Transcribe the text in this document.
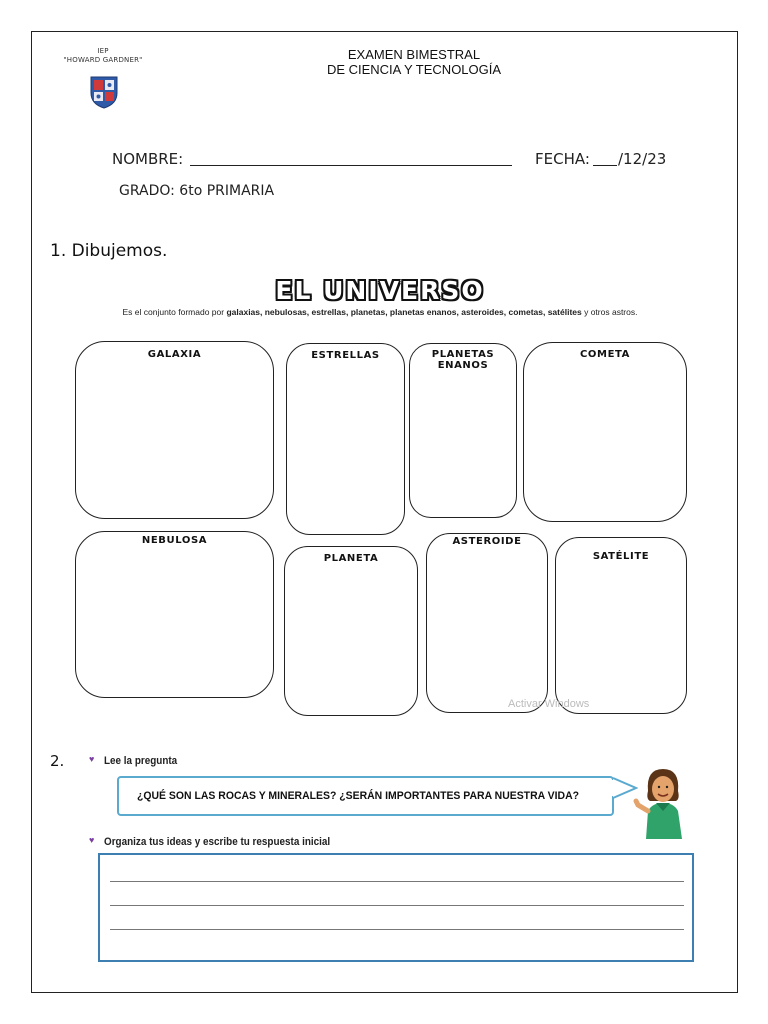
IEP
"HOWARD GARDNER"	EXAMEN BIMESTRAL
DE CIENCIA Y TECNOLOGÍA
NOMBRE:	FECHA: /12/23
GRADO: 6to PRIMARIA
1. Dibujemos.
EL UNIVERSO
Es el conjunto formado por galaxias, nebulosas, estrellas, planetas, planetas enanos, asteroides, cometas, satélites y otros astros.
GALAXIA	ESTRELLAS	PLANETAS
ENANOS
COMETA
NEBULOSA
PLANETA
ASTEROIDE
SATÉLITE
Activar Windows
2.	♥ Lee la pregunta
¿QUÉ SON LAS ROCAS Y MINERALES? ¿SERÁN IMPORTANTES PARA NUESTRA VIDA?
♥ Organiza tus ideas y escribe tu respuesta inicial
